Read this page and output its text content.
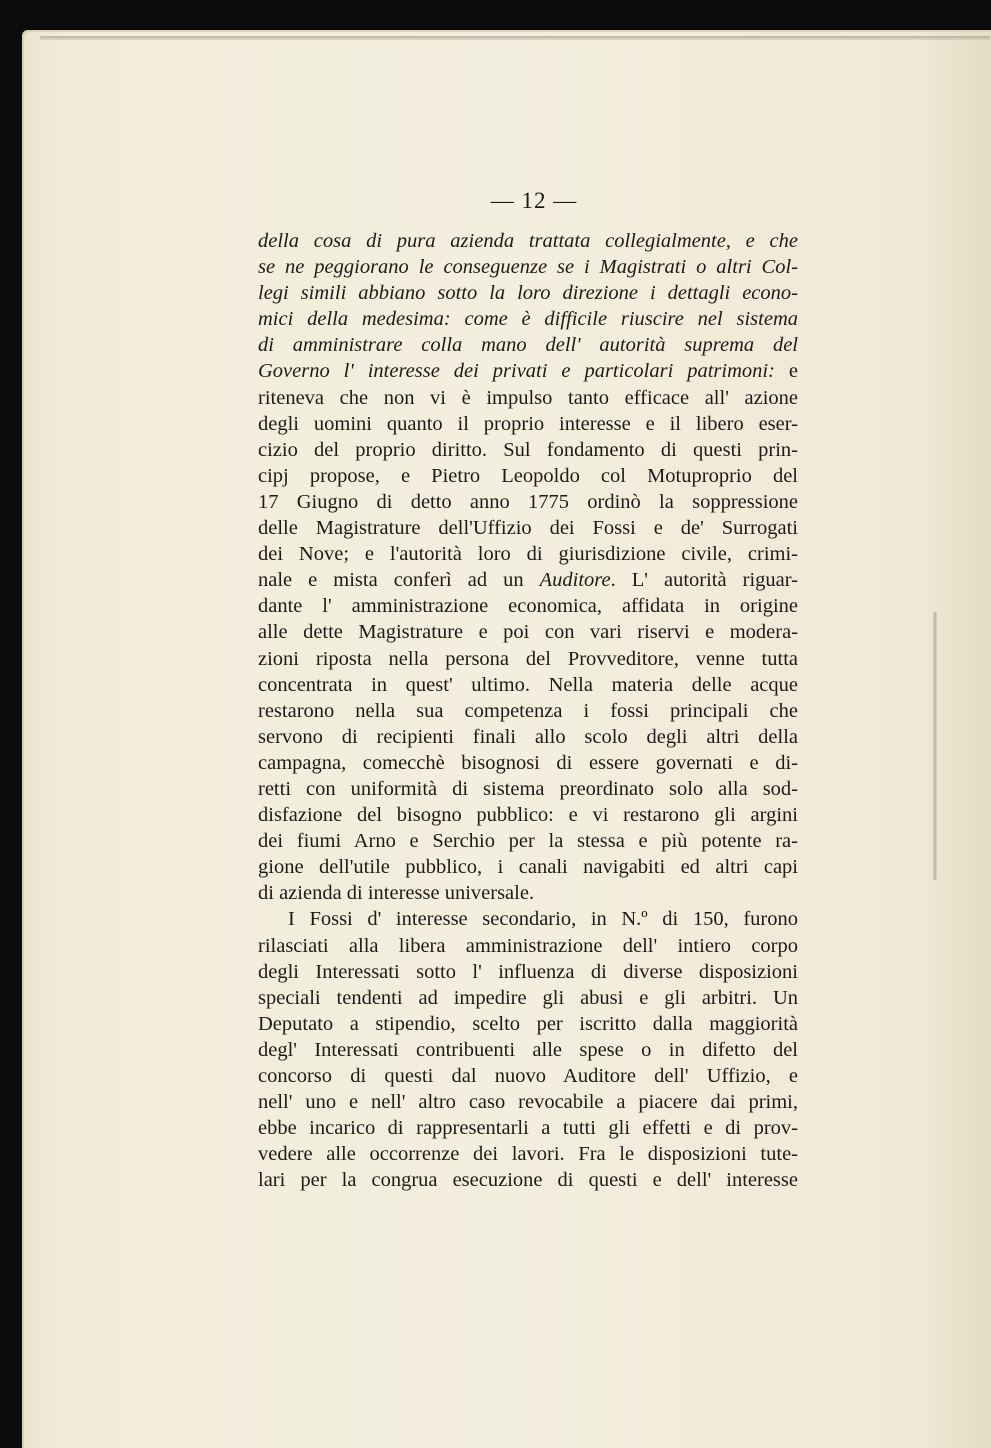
— 12 —
della cosa di pura azienda trattata collegialmente, e che
se ne peggiorano le conseguenze se i Magistrati o altri Col-
legi simili abbiano sotto la loro direzione i dettagli econo-
mici della medesima: come è difficile riuscire nel sistema
di amministrare colla mano dell' autorità suprema del
Governo l' interesse dei privati e particolari patrimoni: e
riteneva che non vi è impulso tanto efficace all' azione
degli uomini quanto il proprio interesse e il libero eser-
cizio del proprio diritto. Sul fondamento di questi prin-
cipj propose, e Pietro Leopoldo col Motuproprio del
17 Giugno di detto anno 1775 ordinò la soppressione
delle Magistrature dell'Uffizio dei Fossi e de' Surrogati
dei Nove; e l'autorità loro di giurisdizione civile, crimi-
nale e mista conferì ad un Auditore. L' autorità riguar-
dante l' amministrazione economica, affidata in origine
alle dette Magistrature e poi con vari riservi e modera-
zioni riposta nella persona del Provveditore, venne tutta
concentrata in quest' ultimo. Nella materia delle acque
restarono nella sua competenza i fossi principali che
servono di recipienti finali allo scolo degli altri della
campagna, comecchè bisognosi di essere governati e di-
retti con uniformità di sistema preordinato solo alla sod-
disfazione del bisogno pubblico: e vi restarono gli argini
dei fiumi Arno e Serchio per la stessa e più potente ra-
gione dell'utile pubblico, i canali navigabiti ed altri capi
di azienda di interesse universale.
I Fossi d' interesse secondario, in N.º di 150, furono
rilasciati alla libera amministrazione dell' intiero corpo
degli Interessati sotto l' influenza di diverse disposizioni
speciali tendenti ad impedire gli abusi e gli arbitri. Un
Deputato a stipendio, scelto per iscritto dalla maggiorità
degl' Interessati contribuenti alle spese o in difetto del
concorso di questi dal nuovo Auditore dell' Uffizio, e
nell' uno e nell' altro caso revocabile a piacere dai primi,
ebbe incarico di rappresentarli a tutti gli effetti e di prov-
vedere alle occorrenze dei lavori. Fra le disposizioni tute-
lari per la congrua esecuzione di questi e dell' interesse
